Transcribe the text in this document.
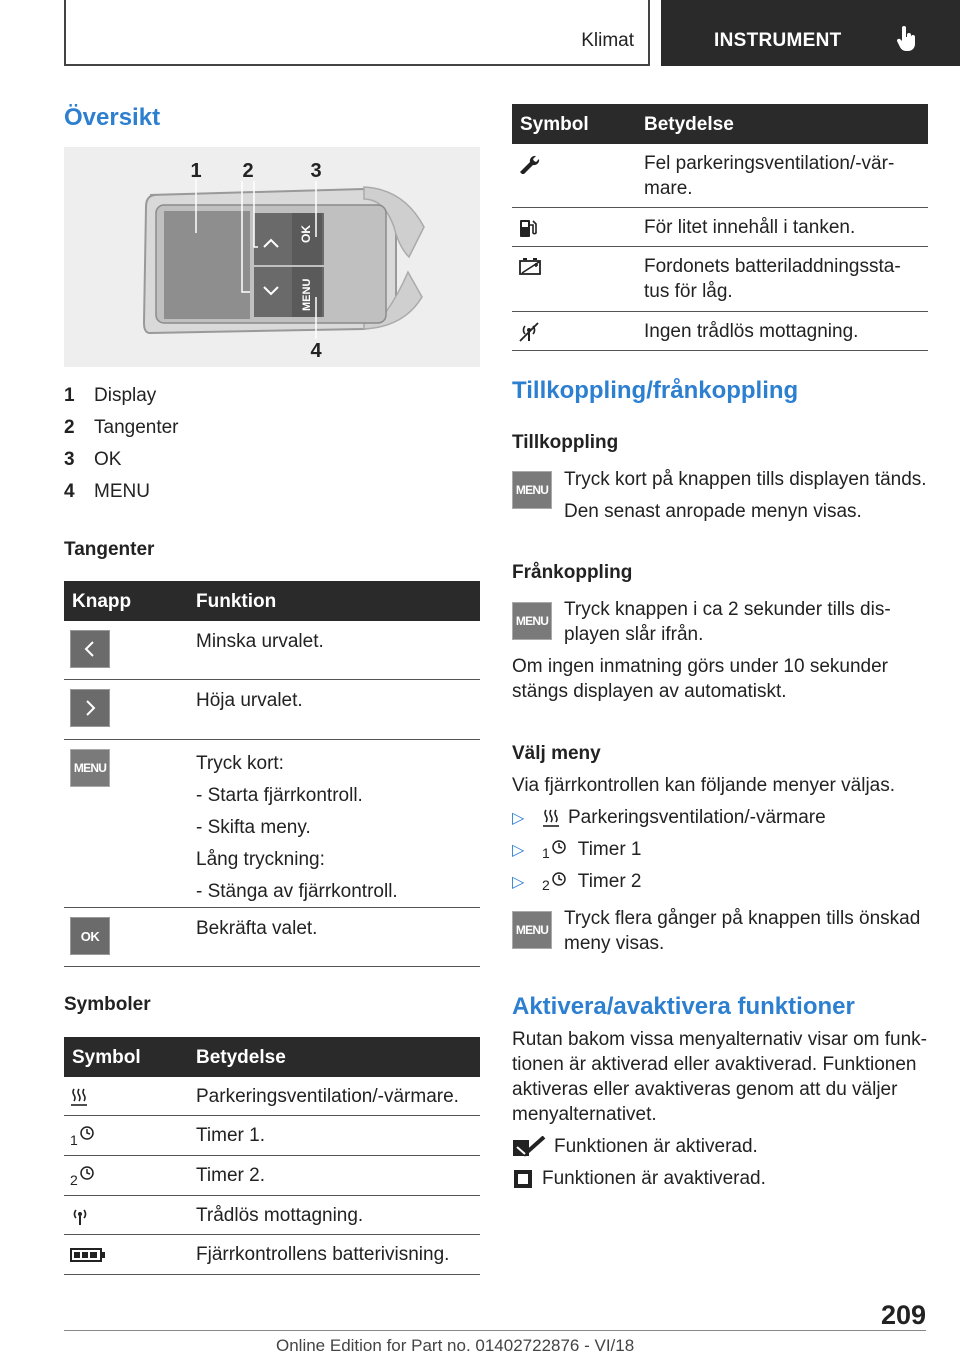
Klimat	INSTRUMENT
Översikt
1 2	3
4
OK
MENU
1	Display
2	Tangenter
3	OK
4	MENU
Tangenter
Knapp	Funktion
Minska urvalet.
Höja urvalet.
MENU	Tryck kort:
- Starta fjärrkontroll.
- Skifta meny.
Lång tryckning:
- Stänga av fjärrkontroll.
OK	Bekräfta valet.
Symboler
Symbol	Betydelse
Parkeringsventilation/-värmare.
1	Timer 1.
2	Timer 2.
Trådlös mottagning.
Fjärrkontrollens batterivisning.
Symbol	Betydelse
Fel parkeringsventilation/-vär-
mare.
För litet innehåll i tanken.
Fordonets batteriladdningssta-
tus för låg.
Ingen trådlös mottagning.
Tillkoppling/frånkoppling
Tillkoppling
MENU Tryck kort på knappen tills displayen tänds.
Den senast anropade menyn visas.
Frånkoppling
MENU
Tryck knappen i ca 2 sekunder tills dis-
playen slår ifrån.
Om ingen inmatning görs under 10 sekunder
stängs displayen av automatiskt.
Välj meny
Via fjärrkontrollen kan följande menyer väljas.
▷	Parkeringsventilation/-värmare
▷	1 Timer 1
▷	2 Timer 2
MENU
Tryck flera gånger på knappen tills önskad
meny visas.
Aktivera/avaktivera funktioner
Rutan bakom vissa menyalternativ visar om funk-
tionen är aktiverad eller avaktiverad. Funktionen
aktiveras eller avaktiveras genom att du väljer
menyalternativet.
Funktionen är aktiverad.
Funktionen är avaktiverad.
209
Online Edition for Part no. 01402722876 - VI/18
